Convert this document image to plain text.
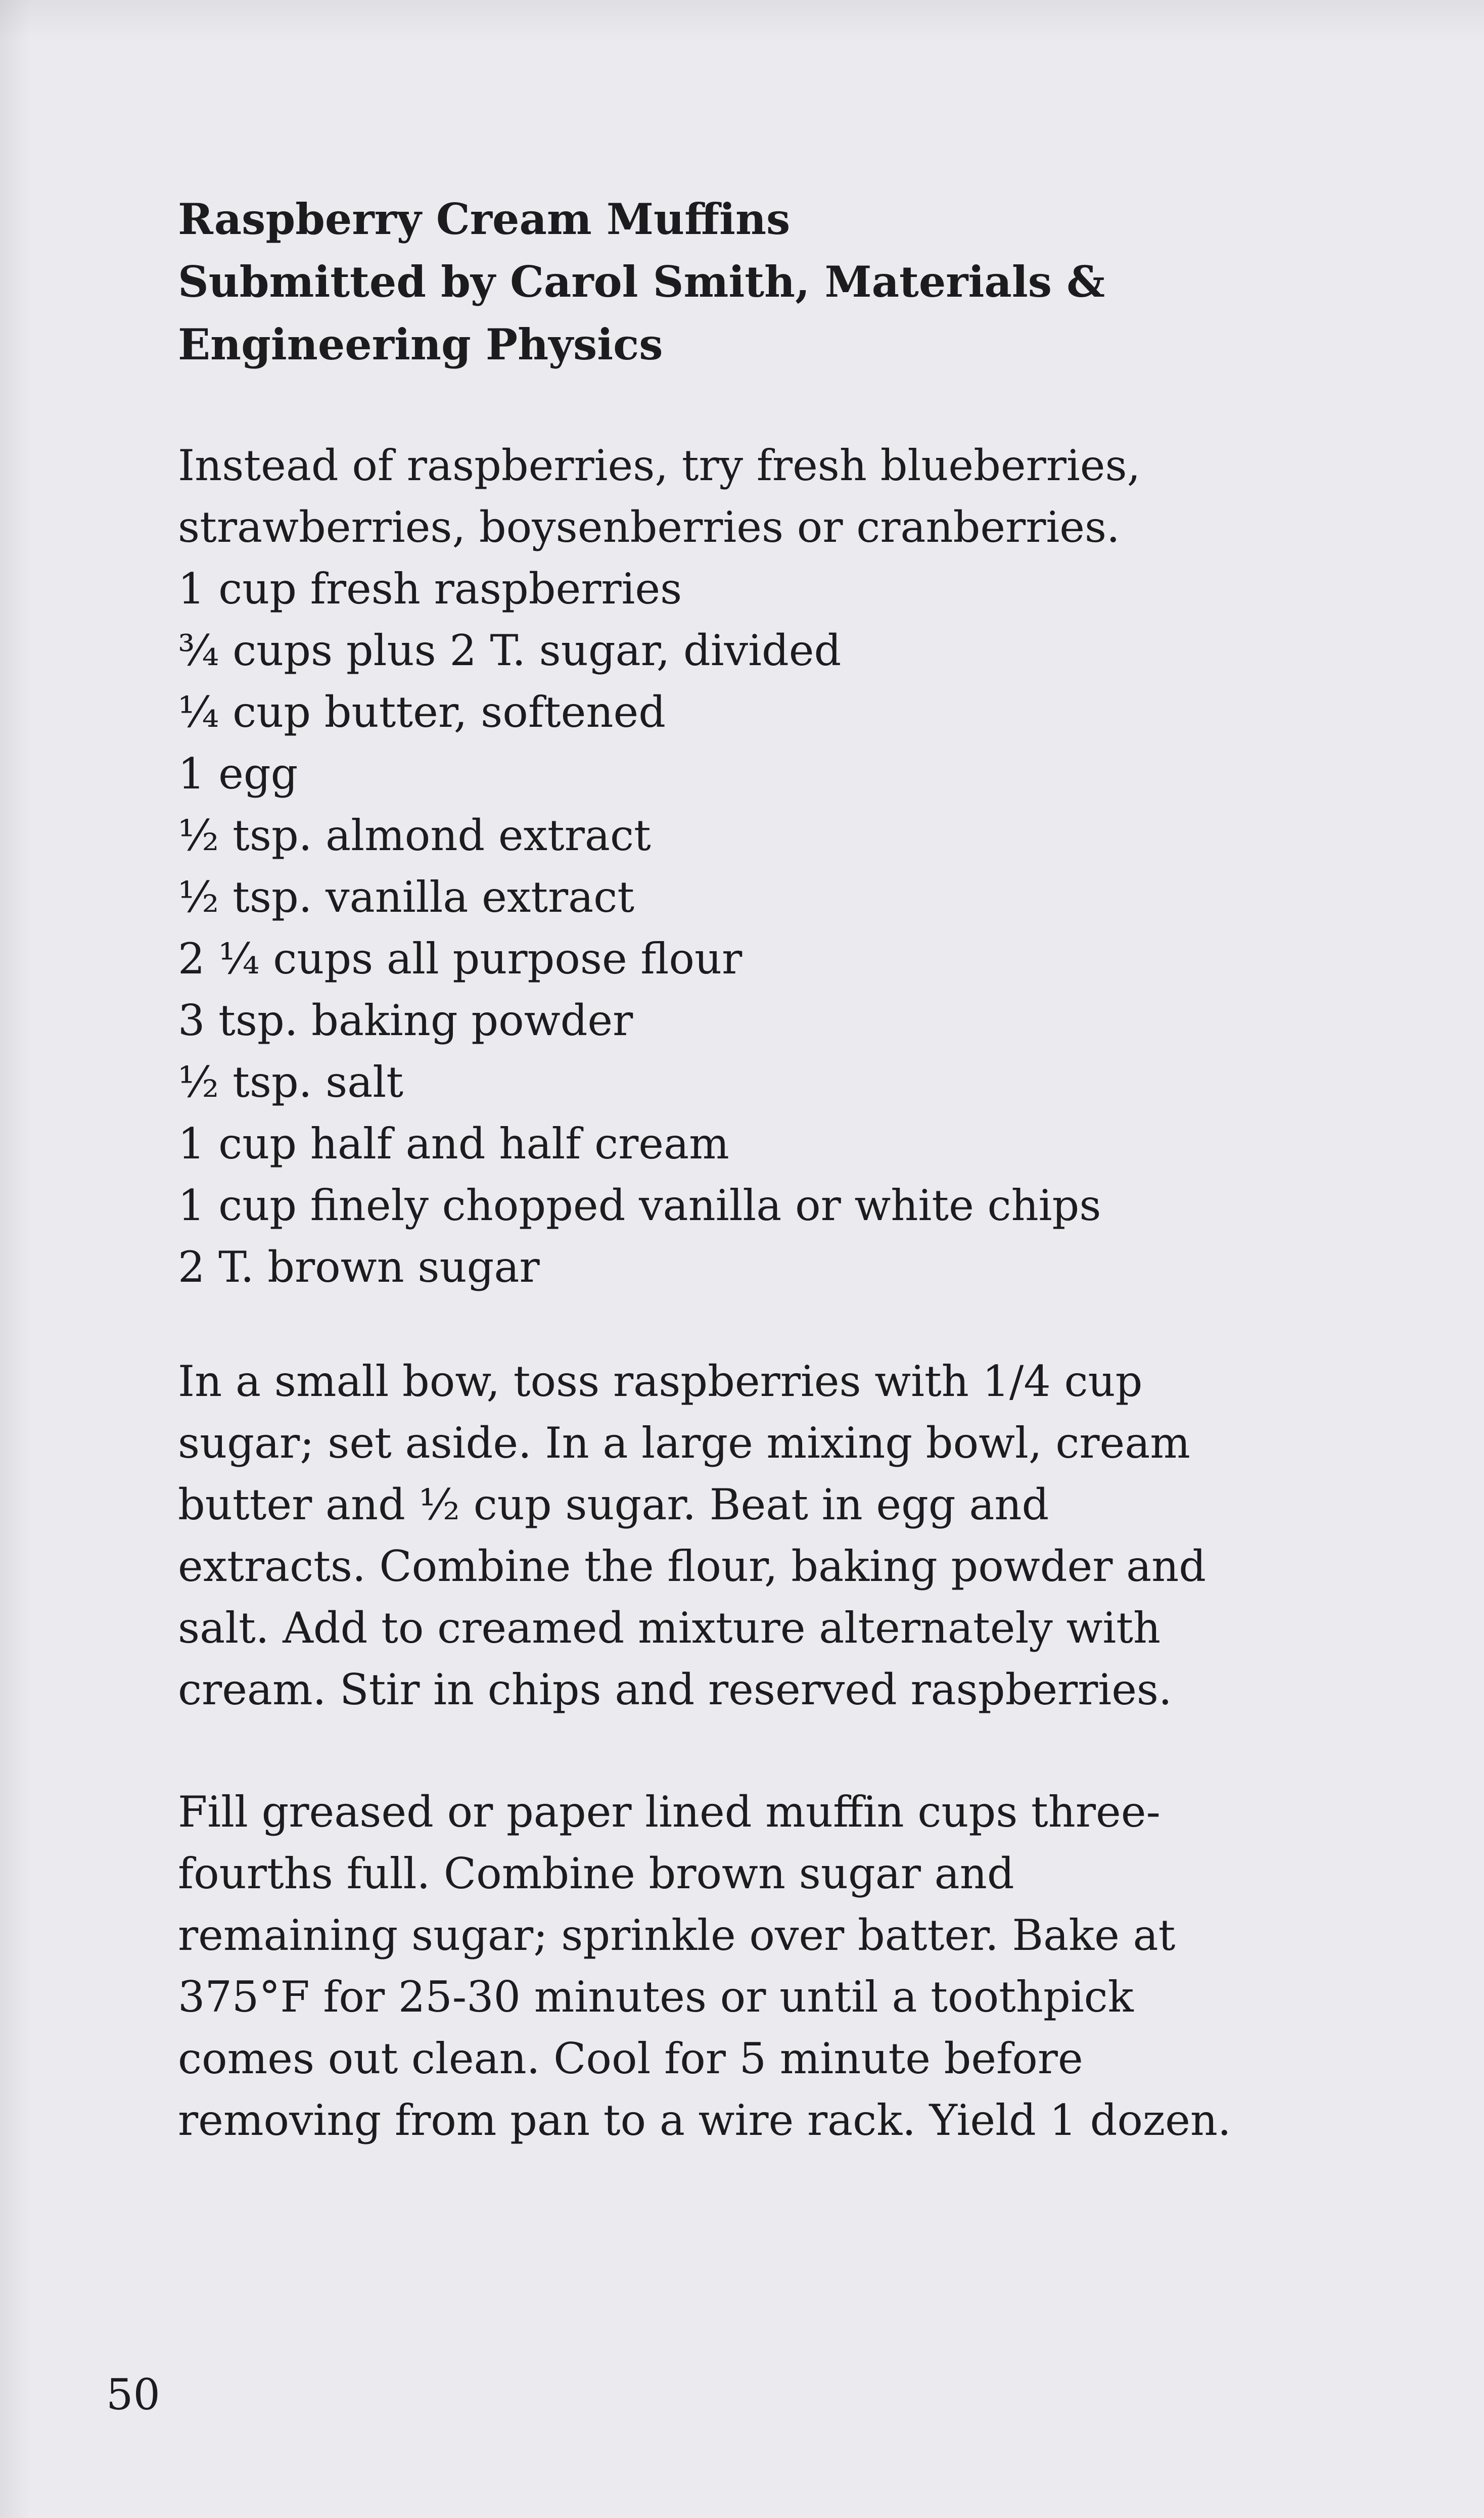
Raspberry Cream Muffins
Submitted by Carol Smith, Materials &
Engineering Physics
Instead of raspberries, try fresh blueberries,
strawberries, boysenberries or cranberries.
1 cup fresh raspberries
¾ cups plus 2 T. sugar, divided
¼ cup butter, softened
1 egg
½ tsp. almond extract
½ tsp. vanilla extract
2 ¼ cups all purpose flour
3 tsp. baking powder
½ tsp. salt
1 cup half and half cream
1 cup finely chopped vanilla or white chips
2 T. brown sugar
In a small bow, toss raspberries with 1/4 cup
sugar; set aside. In a large mixing bowl, cream
butter and ½ cup sugar. Beat in egg and
extracts. Combine the flour, baking powder and
salt. Add to creamed mixture alternately with
cream. Stir in chips and reserved raspberries.
Fill greased or paper lined muffin cups three-
fourths full. Combine brown sugar and
remaining sugar; sprinkle over batter. Bake at
375°F for 25-30 minutes or until a toothpick
comes out clean. Cool for 5 minute before
removing from pan to a wire rack. Yield 1 dozen.
50
